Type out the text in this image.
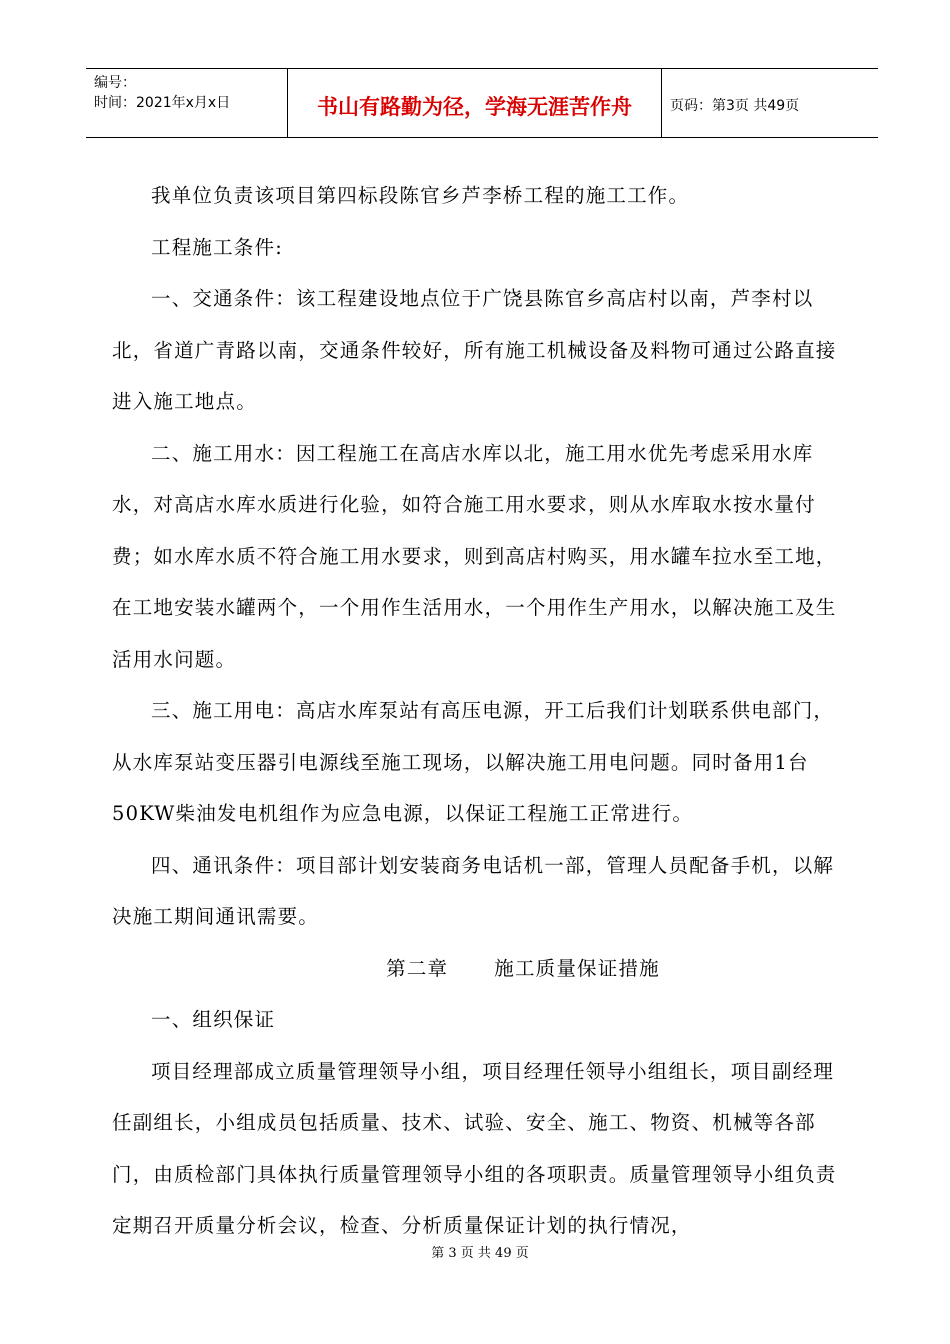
编号：
时间：2021年x月x日	书山有路勤为径，学海无涯苦作舟	页码：第3页 共49页

我单位负责该项目第四标段陈官乡芦李桥工程的施工工作。

工程施工条件:

一、交通条件：该工程建设地点位于广饶县陈官乡高店村以南，芦李村以北，省道广青路以南，交通条件较好，所有施工机械设备及料物可通过公路直接进入施工地点。

二、施工用水：因工程施工在高店水库以北，施工用水优先考虑采用水库水，对高店水库水质进行化验，如符合施工用水要求，则从水库取水按水量付费；如水库水质不符合施工用水要求，则到高店村购买，用水罐车拉水至工地，在工地安装水罐两个，一个用作生活用水，一个用作生产用水，以解决施工及生活用水问题。

三、施工用电：高店水库泵站有高压电源，开工后我们计划联系供电部门，从水库泵站变压器引电源线至施工现场，以解决施工用电问题。同时备用1台50KW柴油发电机组作为应急电源，以保证工程施工正常进行。

四、通讯条件：项目部计划安装商务电话机一部，管理人员配备手机，以解决施工期间通讯需要。

第二章 施工质量保证措施

一、组织保证

项目经理部成立质量管理领导小组，项目经理任领导小组组长，项目副经理任副组长，小组成员包括质量、技术、试验、安全、施工、物资、机械等各部门，由质检部门具体执行质量管理领导小组的各项职责。质量管理领导小组负责定期召开质量分析会议，检查、分析质量保证计划的执行情况，

第 3 页 共 49 页
